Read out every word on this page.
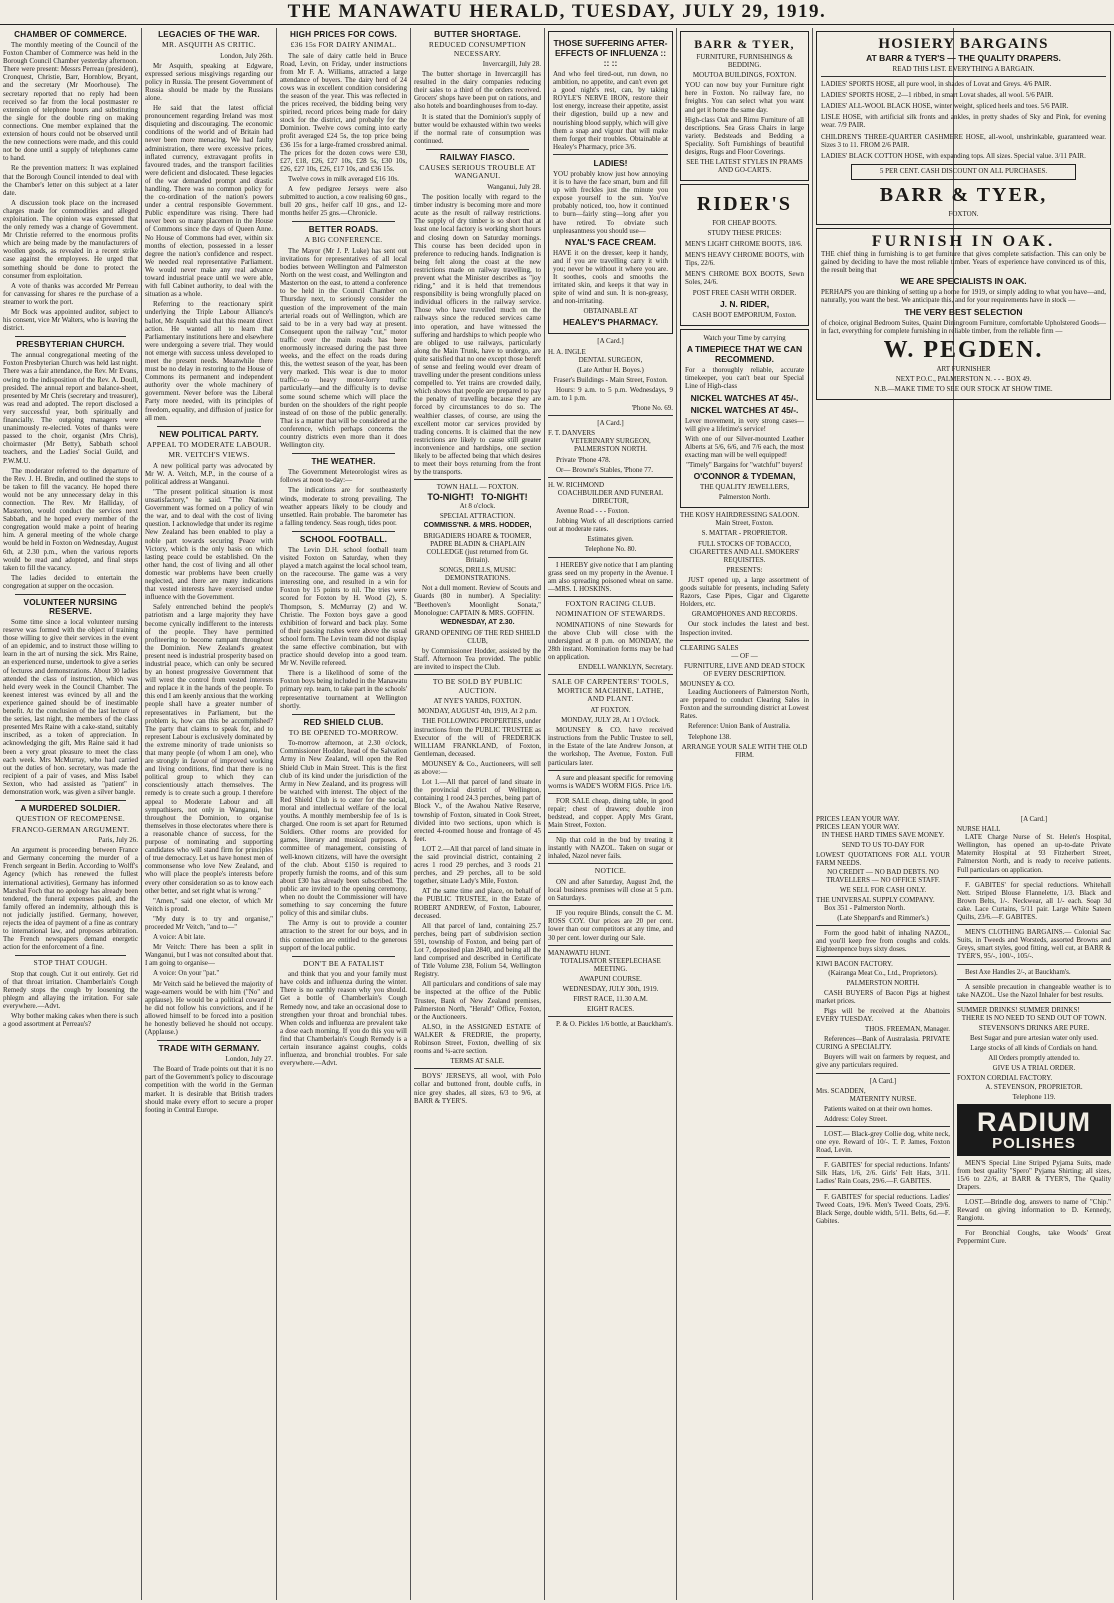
THE MANAWATU HERALD, TUESDAY, JULY 29, 1919.
CHAMBER OF COMMERCE.

The monthly meeting of the Council of the Foxton Chamber of Commerce was held in the Borough Council Chamber yesterday afternoon. There were present: Messrs Perreau (president), Cronquest, Christie, Barr, Hornblow, Bryant, and the secretary (Mr Moorhouse). The secretary reported that no reply had been received so far from the local postmaster re extension of telephone hours and substituting the single for the double ring on making connections. One member explained that the extension of hours could not be observed until the new connections were made, and this could not be done until a supply of telephones came to hand.

Re the prevention matters: It was explained that the Borough Council intended to deal with the Chamber's letter on this subject at a later date.

A discussion took place on the increased charges made for commodities and alleged exploitation. The opinion was expressed that the only remedy was a change of Government. Mr Christie referred to the enormous profits which are being made by the manufacturers of woollen goods, as revealed in a recent strike case against the employees. He urged that something should be done to protect the consumer from exploitation.

A vote of thanks was accorded Mr Perreau for canvassing for shares re the purchase of a steamer to work the port.

Mr Bock was appointed auditor, subject to his consent, vice Mr Walters, who is leaving the district.

PRESBYTERIAN CHURCH.

The annual congregational meeting of the Foxton Presbyterian Church was held last night. There was a fair attendance, the Rev. Mr Evans, owing to the indisposition of the Rev. A. Doull, presided. The annual report and balance-sheet, presented by Mr Chris (secretary and treasurer), was read and adopted. The report disclosed a very successful year, both spiritually and financially. The outgoing managers were unanimously re-elected. Votes of thanks were passed to the choir, organist (Mrs Chris), choirmaster (Mr Betty), Sabbath school teachers, and the Ladies' Social Guild, and P.W.M.U.

The moderator referred to the departure of the Rev. J. H. Bredin, and outlined the steps to be taken to fill the vacancy. He hoped there would not be any unnecessary delay in this connection. The Rev. Mr Halliday, of Masterton, would conduct the services next Sabbath, and he hoped every member of the congregation would make a point of hearing him. A general meeting of the whole charge would be held in Foxton on Wednesday, August 6th, at 2.30 p.m., when the various reports would be read and adopted, and final steps taken to fill the vacancy.

The ladies decided to entertain the congregation at supper on the occasion.

VOLUNTEER NURSING RESERVE.

Some time since a local volunteer nursing reserve was formed with the object of training those willing to give their services in the event of an epidemic, and to instruct those willing to learn in the art of nursing the sick. Mrs Raine, an experienced nurse, undertook to give a series of lectures and demonstrations. About 30 ladies attended the class of instruction, which was held every week in the Council Chamber. The keenest interest was evinced by all and the experience gained should be of inestimable benefit. At the conclusion of the last lecture of the series, last night, the members of the class presented Mrs Raine with a cake-stand, suitably inscribed, as a token of appreciation. In acknowledging the gift, Mrs Raine said it had been a very great pleasure to meet the class each week. Mrs McMurray, who had carried out the duties of hon. secretary, was made the recipient of a pair of vases, and Miss Isabel Sexton, who had assisted as "patient" in demonstration work, was given a silver bangle.

A MURDERED SOLDIER.
QUESTION OF RECOMPENSE.
FRANCO-GERMAN ARGUMENT.

Paris, July 26.

An argument is proceeding between France and Germany concerning the murder of a French sergeant in Berlin. According to Wolff's Agency (which has renewed the fullest international activities), Germany has informed Marshal Foch that no apology has already been tendered, the funeral expenses paid, and the family offered an indemnity, although this is not judicially justified. Germany, however, rejects the idea of payment of a fine as contrary to international law, and proposes arbitration. The French newspapers demand energetic action for the enforcement of a fine.

STOP THAT COUGH.

Stop that cough. Cut it out entirely. Get rid of that throat irritation. Chamberlain's Cough Remedy stops the cough by loosening the phlegm and allaying the irritation. For sale everywhere.—Advt.

Why bother making cakes when there is such a good assortment at Perreau's?

LEGACIES OF THE WAR.
MR. ASQUITH AS CRITIC.

London, July 26th.

Mr Asquith, speaking at Edgware, expressed serious misgivings regarding our policy in Russia. The present Government of Russia should be made by the Russians alone.

He said that the latest official pronouncement regarding Ireland was most disquieting and discouraging. The economic conditions of the world and of Britain had never been more menacing. We had faulty administration, there were excessive prices, inflated currency, extravagant profits in favoured trades, and the transport facilities were deficient and dislocated. These legacies of the war demanded prompt and drastic handling. There was no common policy for the co-ordination of the nation's powers under a central responsible Government. Public expenditure was rising. There had never been so many placemen in the House of Commons since the days of Queen Anne. No House of Commons had ever, within six months of election, possessed in a lesser degree the nation's confidence and respect. We needed real representative Parliament. We would never make any real advance toward industrial peace until we were able, with full Cabinet authority, to deal with the situation as a whole.

Referring to the reactionary spirit underlying the Triple Labour Alliance's ballot, Mr Asquith said that this meant direct action. He wanted all to learn that Parliamentary institutions here and elsewhere were undergoing a severe trial. They would not emerge with success unless developed to meet the present needs. Meanwhile there must be no delay in restoring to the House of Commons its permanent and independent authority over the whole machinery of government. Never before was the Liberal Party more needed, with its principles of freedom, equality, and diffusion of justice for all men.

NEW POLITICAL PARTY.
APPEAL TO MODERATE LABOUR.
MR. VEITCH'S VIEWS.

A new political party was advocated by Mr W. A. Veitch, M.P., in the course of a political address at Wanganui.

"The present political situation is most unsatisfactory," he said. "The National Government was formed on a policy of win the war, and to deal with the cost of living question. I acknowledge that under its regime New Zealand has been enabled to play a noble part towards securing Peace with Victory, which is the only basis on which lasting peace could be established. On the other hand, the cost of living and all other domestic war problems have been cruelly neglected, and there are many indications that vested interests have exercised undue influence with the Government.

Safely entrenched behind the people's patriotism and a large majority they have become cynically indifferent to the interests of the people. They have permitted profiteering to become rampant throughout the Dominion. New Zealand's greatest present need is industrial prosperity based on industrial peace, which can only be secured by an honest progressive Government that will wrest the control from vested interests and replace it in the hands of the people. To this end I am keenly anxious that the working people shall have a greater number of representatives in Parliament, but the problem is, how can this be accomplished? The party that claims to speak for, and to represent Labour is exclusively dominated by the extreme minority of trade unionists so that many people (of whom I am one), who are strongly in favour of improved working and living conditions, find that there is no political group to which they can conscientiously attach themselves. The remedy is to create such a group. I therefore appeal to Moderate Labour and all sympathisers, not only in Wanganui, but throughout the Dominion, to organise themselves in those electorates where there is a reasonable chance of success, for the purpose of nominating and supporting candidates who will stand firm for principles of true democracy. Let us have honest men of commonsense who love New Zealand, and who will place the people's interests before every other consideration so as to know each other better, and set right what is wrong."

"Amen," said one elector, of which Mr Veitch is proud.

"My duty is to try and organise," proceeded Mr Veitch, "and to—"

A voice: A bit late.

Mr Veitch: There has been a split in Wanganui, but I was not consulted about that. I am going to organise—

A voice: On your "pat."

Mr Veitch said he believed the majority of wage-earners would be with him ("No" and applause). He would be a political coward if he did not follow his convictions, and if he allowed himself to be forced into a position he honestly believed he should not occupy. (Applause.)

TRADE WITH GERMANY.

London, July 27.

The Board of Trade points out that it is no part of the Government's policy to discourage competition with the world in the German market. It is desirable that British traders should make every effort to secure a proper footing in Central Europe.

HIGH PRICES FOR COWS.
£36 15s FOR DAIRY ANIMAL.

The sale of dairy cattle held in Bruce Road, Levin, on Friday, under instructions from Mr F. A. Williams, attracted a large attendance of buyers. The dairy herd of 24 cows was in excellent condition considering the season of the year. This was reflected in the prices received, the bidding being very spirited, record prices being made for dairy stock for the district, and probably for the Dominion. Twelve cows coming into early profit averaged £24 5s, the top price being £36 15s for a large-framed crossbred animal. The prices for the dozen cows were £30, £27, £18, £26, £27 10s, £28 5s, £30 10s, £26, £27 10s, £26, £17 10s, and £36 15s.

Twelve cows in milk averaged £16 10s.

A few pedigree Jerseys were also submitted to auction, a cow realising 60 gns., bull 20 gns., heifer calf 10 gns., and 12-months heifer 25 gns.—Chronicle.

BETTER ROADS.
A BIG CONFERENCE.

The Mayor (Mr J. P. Luke) has sent out invitations for representatives of all local bodies between Wellington and Palmerston North on the west coast, and Wellington and Masterton on the east, to attend a conference to be held in the Council Chamber on Thursday next, to seriously consider the question of the improvement of the main arterial roads out of Wellington, which are said to be in a very bad way at present. Consequent upon the railway "cut," motor traffic over the main roads has been enormously increased during the past three weeks, and the effect on the roads during this, the wettest season of the year, has been very marked. This wear is due to motor traffic—to heavy motor-lorry traffic particularly—and the difficulty is to devise some sound scheme which will place the burden on the shoulders of the right people instead of on those of the public generally. That is a matter that will be considered at the conference, which perhaps concerns the country districts even more than it does Wellington city.

THE WEATHER.

The Government Meteorologist wires as follows at noon to-day:—

The indications are for southeasterly winds, moderate to strong prevailing. The weather appears likely to be cloudy and unsettled. Rain probable. The barometer has a falling tendency. Seas rough, tides poor.

SCHOOL FOOTBALL.

The Levin D.H. school football team visited Foxton on Saturday, when they played a match against the local school team, on the racecourse. The game was a very interesting one, and resulted in a win for Foxton by 15 points to nil. The tries were scored for Foxton by H. Wood (2), S. Thompson, S. McMurray (2) and W. Christie. The Foxton boys gave a good exhibition of forward and back play. Some of their passing rushes were above the usual school form. The Levin team did not display the same effective combination, but with practice should develop into a good team. Mr W. Neville refereed.

There is a likelihood of some of the Foxton boys being included in the Manawatu primary rep. team, to take part in the schools' representative tournament at Wellington shortly.

RED SHIELD CLUB.
TO BE OPENED TO-MORROW.

To-morrow afternoon, at 2.30 o'clock, Commissioner Hodder, head of the Salvation Army in New Zealand, will open the Red Shield Club in Main Street. This is the first club of its kind under the jurisdiction of the Army in New Zealand, and its progress will be watched with interest. The object of the Red Shield Club is to cater for the social, moral and intellectual welfare of the local youths. A monthly membership fee of 1s is charged. One room is set apart for Returned Soldiers. Other rooms are provided for games, literary and musical purposes. A committee of management, consisting of well-known citizens, will have the oversight of the club. About £150 is required to properly furnish the rooms, and of this sum about £30 has already been subscribed. The public are invited to the opening ceremony, when no doubt the Commissioner will have something to say concerning the future policy of this and similar clubs.

The Army is out to provide a counter attraction to the street for our boys, and in this connection are entitled to the generous support of the local public.

DON'T BE A FATALIST

and think that you and your family must have colds and influenza during the winter. There is no earthly reason why you should. Get a bottle of Chamberlain's Cough Remedy now, and take an occasional dose to strengthen your throat and bronchial tubes. When colds and influenza are prevalent take a dose each morning. If you do this you will find that Chamberlain's Cough Remedy is a certain insurance against coughs, colds influenza, and bronchial troubles. For sale everywhere.—Advt.

BUTTER SHORTAGE.
REDUCED CONSUMPTION NECESSARY.

Invercargill, July 28.

The butter shortage in Invercargill has resulted in the dairy companies reducing their sales to a third of the orders received. Grocers' shops have been put on rations, and also hotels and boardinghouses from to-day.

It is stated that the Dominion's supply of butter would be exhausted within two weeks if the normal rate of consumption was continued.

RAILWAY FIASCO.
CAUSES SERIOUS TROUBLE AT WANGANUI.

Wanganui, July 28.

The position locally with regard to the timber industry is becoming more and more acute as the result of railway restrictions. The supply of dry timber is so short that at least one local factory is working short hours and closing down on Saturday mornings. This course has been decided upon in preference to reducing hands. Indignation is being felt along the coast at the new restrictions made on railway travelling, to prevent what the Minister describes as "joy riding," and it is held that tremendous responsibility is being wrongfully placed on individual officers in the railway service. Those who have travelled much on the railways since the reduced services came into operation, and have witnessed the suffering and hardships to which people who are obliged to use railways, particularly along the Main Trunk, have to undergo, are quite satisfied that no one except those bereft of sense and feeling would ever dream of travelling under the present conditions unless compelled to. Yet trains are crowded daily, which shows that people are prepared to pay the penalty of travelling because they are forced by circumstances to do so. The wealthier classes, of course, are using the excellent motor car services provided by trading concerns. It is claimed that the new restrictions are likely to cause still greater inconvenience and hardships, one section likely to be affected being that which desires to meet their boys returning from the front by the transports.

TOWN HALL — FOXTON.

TO-NIGHT! TO-NIGHT!

At 8 o'clock.

SPECIAL ATTRACTION.

COMMISS'NR. & MRS. HODDER,

BRIGADIERS HOARE & TOOMER, PADRE BLADIN & CHAPLAIN COLLEDGE (just returned from Gt. Britain).

SONGS, DRILLS, MUSIC DEMONSTRATIONS.

Not a dull moment. Review of Scouts and Guards (80 in number). A Speciality: "Beethoven's Moonlight Sonata," Monologue: CAPTAIN & MRS. GOFFIN.

WEDNESDAY, AT 2.30.

GRAND OPENING OF THE RED SHIELD CLUB,

by Commissioner Hodder, assisted by the Staff. Afternoon Tea provided. The public are invited to inspect the Club.

TO BE SOLD BY PUBLIC AUCTION.

AT NYE'S YARDS, FOXTON.

MONDAY, AUGUST 4th, 1919, At 2 p.m.

THE FOLLOWING PROPERTIES, under instructions from the PUBLIC TRUSTEE as Executor of the will of FREDERICK WILLIAM FRANKLAND, of Foxton, Gentleman, deceased.

MOUNSEY & Co., Auctioneers, will sell as above:—

Lot 1.—All that parcel of land situate in the provincial district of Wellington, containing 1 rood 24.3 perches, being part of Block V., of the Awahou Native Reserve, township of Foxton, situated in Cook Street, divided into two sections, upon which is erected 4-roomed house and frontage of 45 feet.

LOT 2.—All that parcel of land situate in the said provincial district, containing 2 acres 1 rood 29 perches, and 3 roods 21 perches, and 29 perches, all to be sold together, situate Lady's Mile, Foxton.

AT the same time and place, on behalf of the PUBLIC TRUSTEE, in the Estate of ROBERT ANDREW, of Foxton, Labourer, deceased.

All that parcel of land, containing 25.7 perches, being part of subdivision section 591, township of Foxton, and being part of Lot 7, deposited plan 2840, and being all the land comprised and described in Certificate of Title Volume 238, Folium 54, Wellington Registry.

All particulars and conditions of sale may be inspected at the office of the Public Trustee, Bank of New Zealand premises, Palmerston North, "Herald" Office, Foxton, or the Auctioneers.

ALSO, in the ASSIGNED ESTATE of WALKER & FREDRIE, the property, Robinson Street, Foxton, dwelling of six rooms and ¼-acre section.

TERMS AT SALE.

BOYS' JERSEYS, all wool, with Polo collar and buttoned front, double cuffs, in nice grey shades, all sizes, 6/3 to 9/6, at BARR & TYER'S.

THOSE SUFFERING AFTER-EFFECTS OF INFLUENZA :: :: ::

And who feel tired-out, run down, no ambition, no appetite, and can't even get a good night's rest, can, by taking ROYLE'S NERVE IRON, restore their lost energy, increase their appetite, assist their digestion, build up a new and nourishing blood supply, which will give them a snap and vigour that will make them forget their troubles. Obtainable at Healey's Pharmacy, price 3/6.

LADIES!

YOU probably know just how annoying it is to have the face smart, burn and fill up with freckles just the minute you expose yourself to the sun. You've probably noticed, too, how it continued to burn—fairly sting—long after you have retired. To obviate such unpleasantness you should use—

NYAL'S FACE CREAM.

HAVE it on the dresser, keep it handy, and if you are travelling carry it with you; never be without it where you are. It soothes, cools and smooths the irritated skin, and keeps it that way in spite of wind and sun. It is non-greasy, and non-irritating.

OBTAINABLE AT

HEALEY'S PHARMACY.

[A Card.]

H. A. INGLE

DENTAL SURGEON,

(Late Arthur H. Boyes.)

Fraser's Buildings - Main Street, Foxton.

Hours: 9 a.m. to 5 p.m. Wednesdays, 9 a.m. to 1 p.m.

'Phone No. 69.

[A Card.]

F. T. DANVERS

VETERINARY SURGEON, PALMERSTON NORTH.

Private 'Phone 478.

Or— Browne's Stables, 'Phone 77.

H. W. RICHMOND

COACHBUILDER AND FUNERAL DIRECTOR,

Avenue Road - - - Foxton.

Jobbing Work of all descriptions carried out at moderate rates.

Estimates given.

Telephone No. 80.

I HEREBY give notice that I am planting grass seed on my property in the Avenue. I am also spreading poisoned wheat on same.—MRS. I. HOSKINS.

FOXTON RACING CLUB.
NOMINATION OF STEWARDS.

NOMINATIONS of nine Stewards for the above Club will close with the undersigned at 8 p.m. on MONDAY, the 28th instant. Nomination forms may be had on application.

ENDELL WANKLYN, Secretary.

SALE OF CARPENTERS' TOOLS, MORTICE MACHINE, LATHE, AND PLANT.

AT FOXTON.

MONDAY, JULY 28, At 1 O'clock.

MOUNSEY & CO. have received instructions from the Public Trustee to sell, in the Estate of the late Andrew Jonson, at the workshop, The Avenue, Foxton. Full particulars later.

A sure and pleasant specific for removing worms is WADE'S WORM FIGS. Price 1/6.

FOR SALE cheap, dining table, in good repair; chest of drawers; double iron bedstead, and copper. Apply Mrs Grant, Main Street, Foxton.

Nip that cold in the bud by treating it instantly with NAZOL. Taken on sugar or inhaled, Nazol never fails.

NOTICE.

ON and after Saturday, August 2nd, the local business premises will close at 5 p.m. on Saturdays.

IF you require Blinds, consult the C. M. ROSS COY. Our prices are 20 per cent. lower than our competitors at any time, and 30 per cent. lower during our Sale.

MANAWATU HUNT.

TOTALISATOR STEEPLECHASE MEETING.

AWAPUNI COURSE.

WEDNESDAY, JULY 30th, 1919.

FIRST RACE, 11.30 A.M.

EIGHT RACES.

P. & O. Pickles 1/6 bottle, at Bauckham's.

BARR & TYER,

FURNITURE, FURNISHINGS & BEDDING.

MOUTOA BUILDINGS, FOXTON.

YOU can now buy your Furniture right here in Foxton. No railway fare, no freights. You can select what you want and get it home the same day.

High-class Oak and Rimu Furniture of all descriptions. Sea Grass Chairs in large variety. Bedsteads and Bedding a Speciality. Soft Furnishings of beautiful designs, Rugs and Floor Coverings.

SEE THE LATEST STYLES IN PRAMS AND GO-CARTS.

RIDER'S

FOR CHEAP BOOTS.

STUDY THESE PRICES:

MEN'S LIGHT CHROME BOOTS, 18/6.

MEN'S HEAVY CHROME BOOTS, with Tips, 22/6.

MEN'S CHROME BOX BOOTS, Sewn Soles, 24/6.

POST FREE CASH WITH ORDER.

J. N. RIDER,

CASH BOOT EMPORIUM, Foxton.

Watch your Time by carrying

A TIMEPIECE THAT WE CAN RECOMMEND.

For a thoroughly reliable, accurate timekeeper, you can't beat our Special Line of High-class

NICKEL WATCHES AT 45/-.
NICKEL WATCHES AT 45/-.

Lever movement, in very strong cases—will give a lifetime's service!

With one of our Silver-mounted Leather Alberts at 5/6, 6/6, and 7/6 each, the most exacting man will be well equipped!

"Timely" Bargains for "watchful" buyers!

O'CONNOR & TYDEMAN,

THE QUALITY JEWELLERS,

Palmerston North.

THE KOSY HAIRDRESSING SALOON.

Main Street, Foxton.

S. MATTAR - PROPRIETOR.

FULL STOCKS OF TOBACCO, CIGARETTES AND ALL SMOKERS' REQUISITES.

PRESENTS:

JUST opened up, a large assortment of goods suitable for presents, including Safety Razors, Case Pipes, Cigar and Cigarette Holders, etc.

GRAMOPHONES AND RECORDS.

Our stock includes the latest and best. Inspection invited.

CLEARING SALES

— OF —

FURNITURE, LIVE AND DEAD STOCK OF EVERY DESCRIPTION.

MOUNSEY & CO.

Leading Auctioneers of Palmerston North, are prepared to conduct Clearing Sales in Foxton and the surrounding district at Lowest Rates.

Reference: Union Bank of Australia.

Telephone 138.

ARRANGE YOUR SALE WITH THE OLD FIRM.

HOSIERY BARGAINS
AT BARR & TYER'S — THE QUALITY DRAPERS.

READ THIS LIST. EVERYTHING A BARGAIN.

LADIES' SPORTS HOSE, all pure wool, in shades of Lovat and Greys. 4/6 PAIR.

LADIES' SPORTS HOSE, 2—1 ribbed, in smart Lovat shades, all wool. 5/6 PAIR.

LADIES' ALL-WOOL BLACK HOSE, winter weight, spliced heels and toes. 5/6 PAIR.

LISLE HOSE, with artificial silk fronts and ankles, in pretty shades of Sky and Pink, for evening wear. 7/9 PAIR.

CHILDREN'S THREE-QUARTER CASHMERE HOSE, all-wool, unshrinkable, guaranteed wear. Sizes 3 to 11. FROM 2/6 PAIR.

LADIES' BLACK COTTON HOSE, with expanding tops. All sizes. Special value. 3/11 PAIR.

5 PER CENT. CASH DISCOUNT ON ALL PURCHASES.

BARR & TYER,

FOXTON.

FURNISH IN OAK.

THE chief thing in furnishing is to get furniture that gives complete satisfaction. This can only be gained by deciding to have the most reliable timber. Years of experience have convinced us of this, the result being that

WE ARE SPECIALISTS IN OAK.

PERHAPS you are thinking of setting up a home for 1919, or simply adding to what you have—and, naturally, you want the best. We anticipate this, and for your requirements have in stock —

THE VERY BEST SELECTION

of choice, original Bedroom Suites, Quaint Diningroom Furniture, comfortable Upholstered Goods—in fact, everything for complete furnishing in reliable timber, from the reliable firm —

W. PEGDEN.

ART FURNISHER

NEXT P.O.C., PALMERSTON N. - - - BOX 49.

N.B.—MAKE TIME TO SEE OUR STOCK AT SHOW TIME.

PRICES LEAN YOUR WAY.
PRICES LEAN YOUR WAY.

IN THESE HARD TIMES SAVE MONEY.

SEND TO US TO-DAY FOR

LOWEST QUOTATIONS FOR ALL YOUR FARM NEEDS.

NO CREDIT — NO BAD DEBTS. NO TRAVELLERS — NO OFFICE STAFF.

WE SELL FOR CASH ONLY.

THE UNIVERSAL SUPPLY COMPANY.

Box 351 - Palmerston North.

(Late Sheppard's and Rimmer's.)

Form the good habit of inhaling NAZOL, and you'll keep free from coughs and colds. Eighteenpence buys sixty doses.

KIWI BACON FACTORY.

(Kairanga Meat Co., Ltd., Proprietors).

PALMERSTON NORTH.

CASH BUYERS of Bacon Pigs at highest market prices.

Pigs will be received at the Abattoirs EVERY TUESDAY.

THOS. FREEMAN, Manager.

References—Bank of Australasia. PRIVATE CURING A SPECIALITY.

Buyers will wait on farmers by request, and give any particulars required.

[A Card.]

Mrs. SCADDEN,

MATERNITY NURSE.

Patients waited on at their own homes.

Address: Coley Street.

LOST.— Black-grey Collie dog, white neck, one eye. Reward of 10/-. T. P. James, Foxton Road, Levin.

F. GABITES' for special reductions. Infants' Silk Hats, 1/6, 2/6. Girls' Felt Hats, 3/11. Ladies' Rain Coats, 29/6.—F. GABITES.

F. GABITES' for special reductions. Ladies' Tweed Coats, 19/6. Men's Tweed Coats, 29/6. Black Serge, double width, 5/11. Belts, 6d.—F. Gabites.

[A Card.]

NURSE HALL

LATE Charge Nurse of St. Helen's Hospital, Wellington, has opened an up-to-date Private Maternity Hospital at 93 Fitzherbert Street, Palmerston North, and is ready to receive patients. Full particulars on application.

F. GABITES' for special reductions. Whitehall Nett. Striped Blouse Flannelette, 1/3. Black and Brown Belts, 1/-. Neckwear, all 1/- each. Soap 3d cake. Lace Curtains, 5/11 pair. Large White Sateen Quilts, 23/6.—F. GABITES.

MEN'S CLOTHING BARGAINS.— Colonial Sac Suits, in Tweeds and Worsteds, assorted Browns and Greys, smart styles, good fitting, well cut, at BARR & TYER'S, 95/-, 100/-, 105/-.

Best Axe Handles 2/-, at Bauckham's.

A sensible precaution in changeable weather is to take NAZOL. Use the Nazol Inhaler for best results.

SUMMER DRINKS! SUMMER DRINKS!

THERE IS NO NEED TO SEND OUT OF TOWN.

STEVENSON'S DRINKS ARE PURE.

Best Sugar and pure artesian water only used.

Large stocks of all kinds of Cordials on hand.

All Orders promptly attended to.

GIVE US A TRIAL ORDER.

FOXTON CORDIAL FACTORY.

A. STEVENSON, PROPRIETOR.

Telephone 119.

RADIUM
POLISHES

MEN'S Special Line Striped Pyjama Suits, made from best quality "Spero" Pyjama Shirting; all sizes, 15/6 to 22/6, at BARR & TYER'S, The Quality Drapers.

LOST.—Brindle dog, answers to name of "Chip." Reward on giving information to D. Kennedy, Rangiotu.

For Bronchial Coughs, take Woods' Great Peppermint Cure.
